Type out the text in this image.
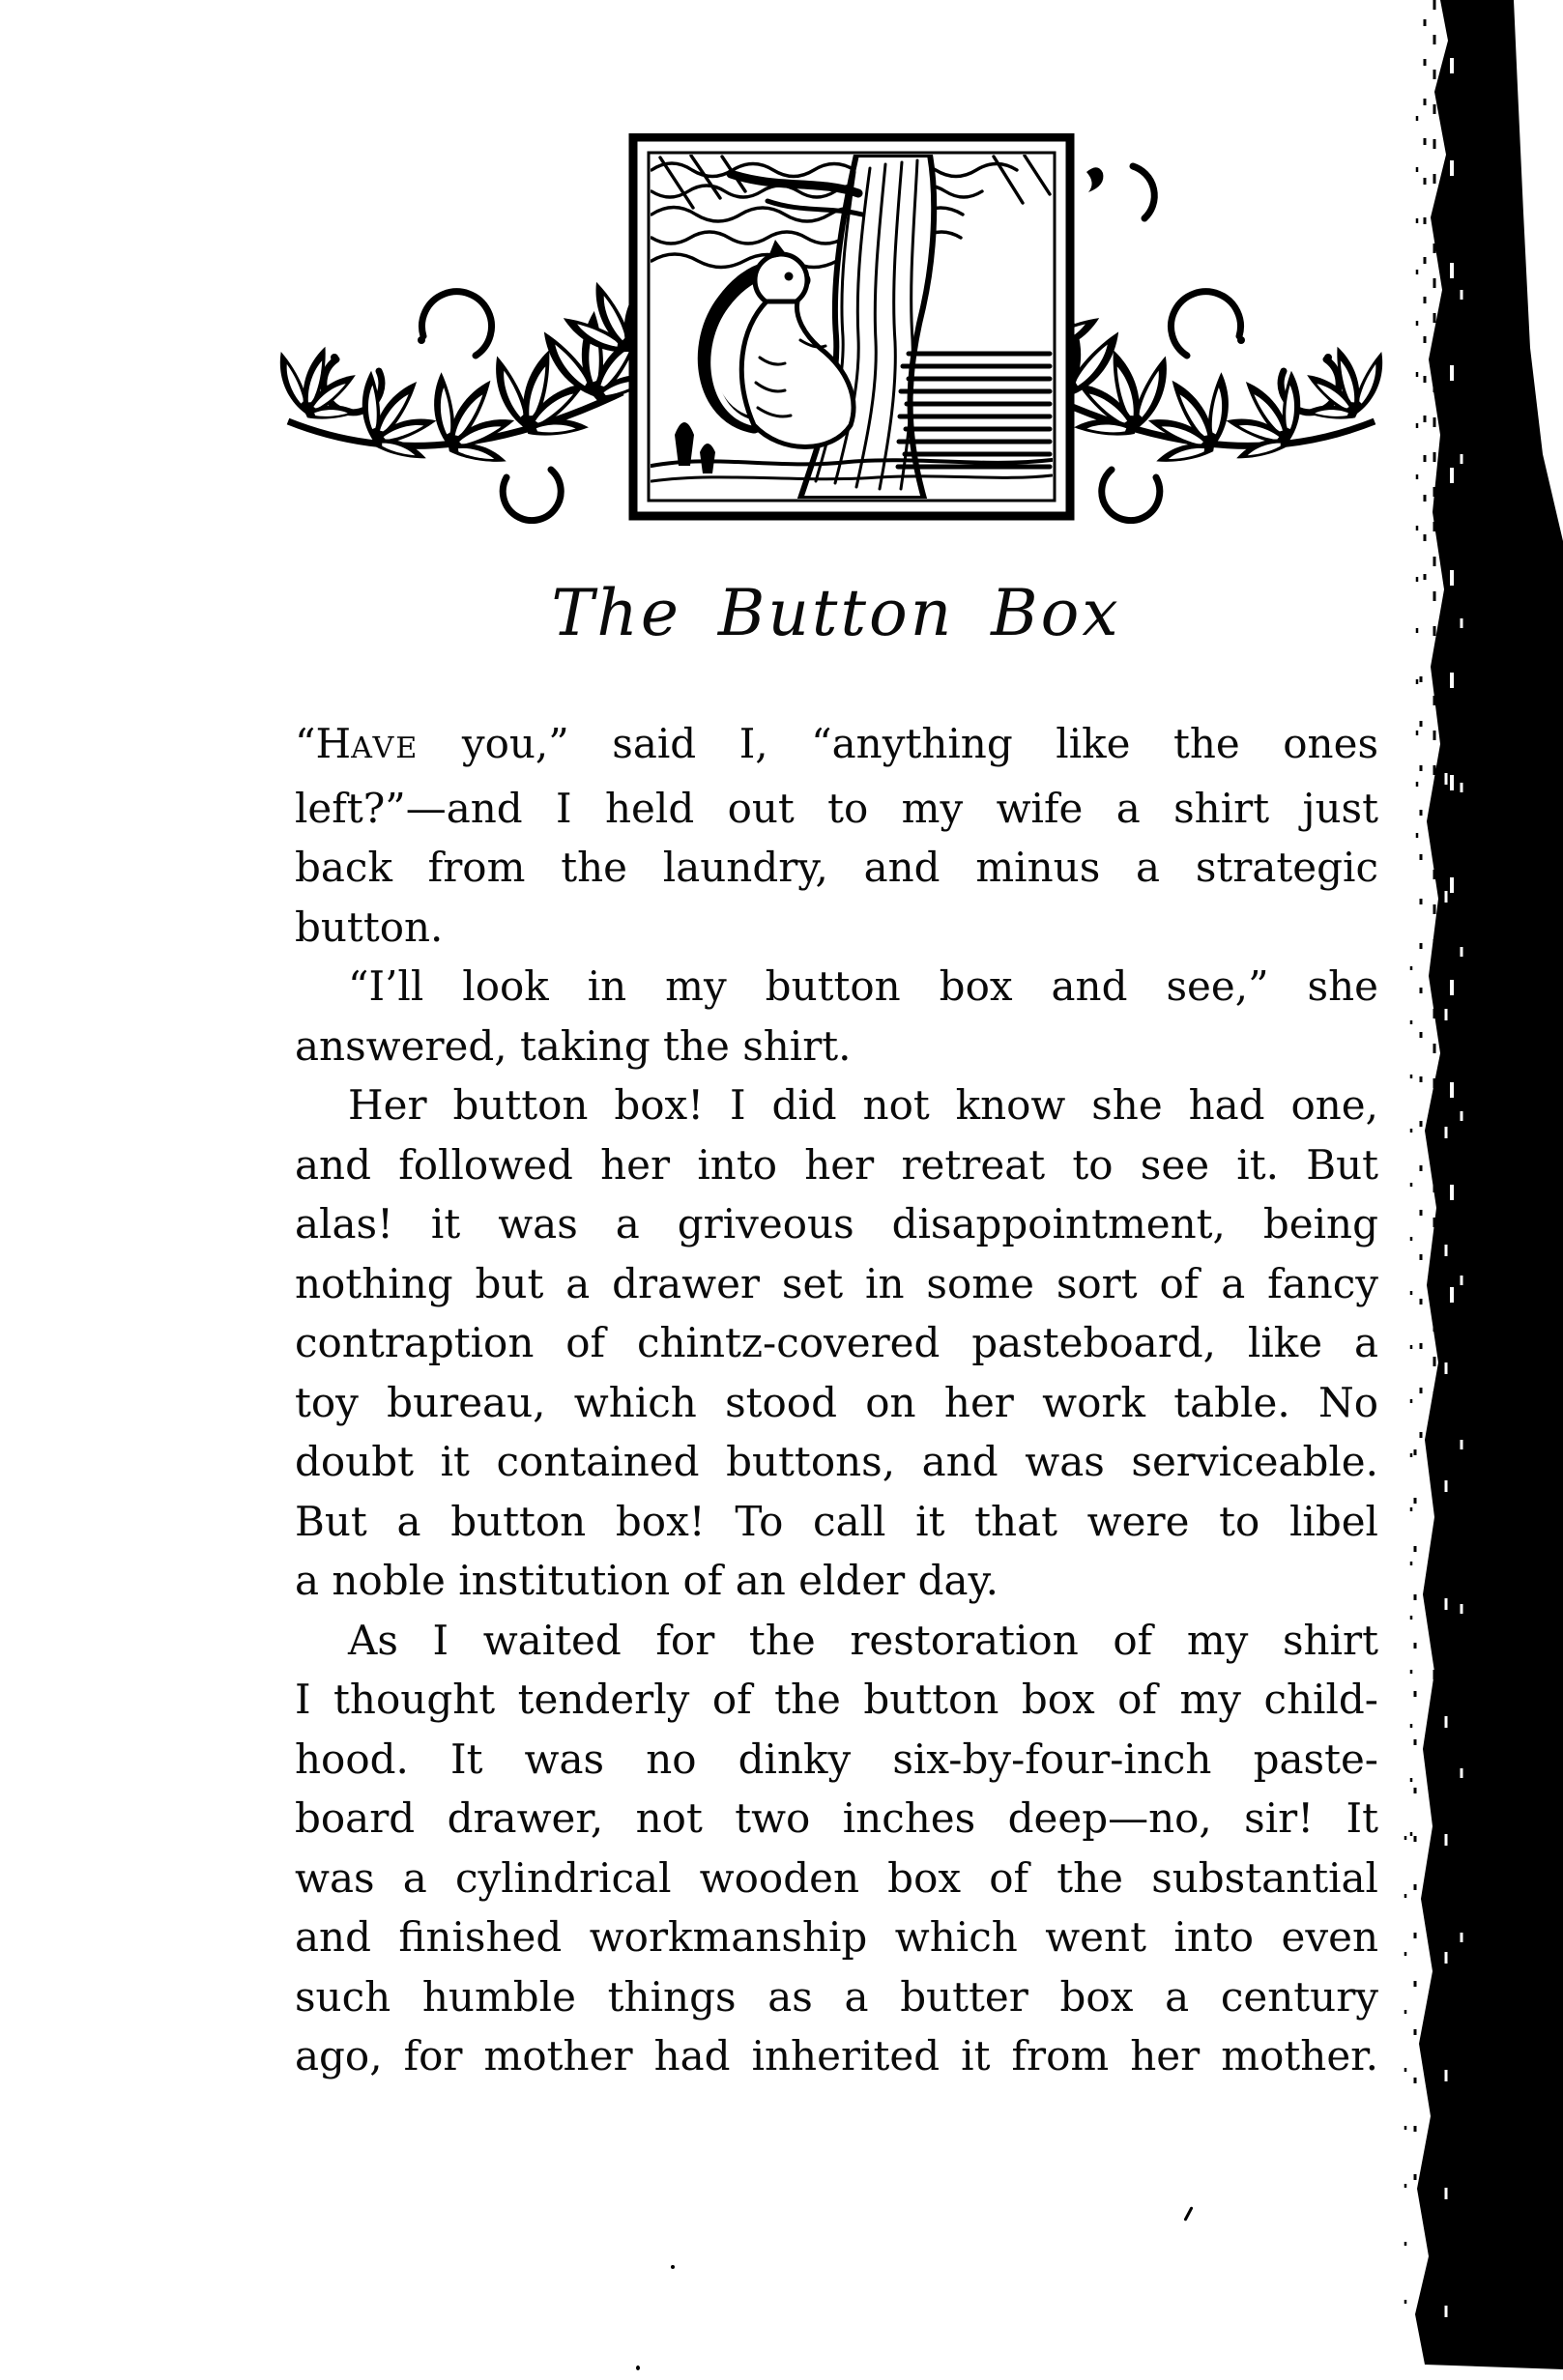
The Button Box
“HAVE you,” said I, “anything like the ones
left?”—and I held out to my wife a shirt just
back from the laundry, and minus a strategic
button.
“I’ll look in my button box and see,” she
answered, taking the shirt.
Her button box! I did not know she had one,
and followed her into her retreat to see it. But
alas! it was a griveous disappointment, being
nothing but a drawer set in some sort of a fancy
contraption of chintz-covered pasteboard, like a
toy bureau, which stood on her work table. No
doubt it contained buttons, and was serviceable.
But a button box! To call it that were to libel
a noble institution of an elder day.
As I waited for the restoration of my shirt
I thought tenderly of the button box of my child-
hood. It was no dinky six-by-four-inch paste-
board drawer, not two inches deep—no, sir! It
was a cylindrical wooden box of the substantial
and finished workmanship which went into even
such humble things as a butter box a century
ago, for mother had inherited it from her mother.
